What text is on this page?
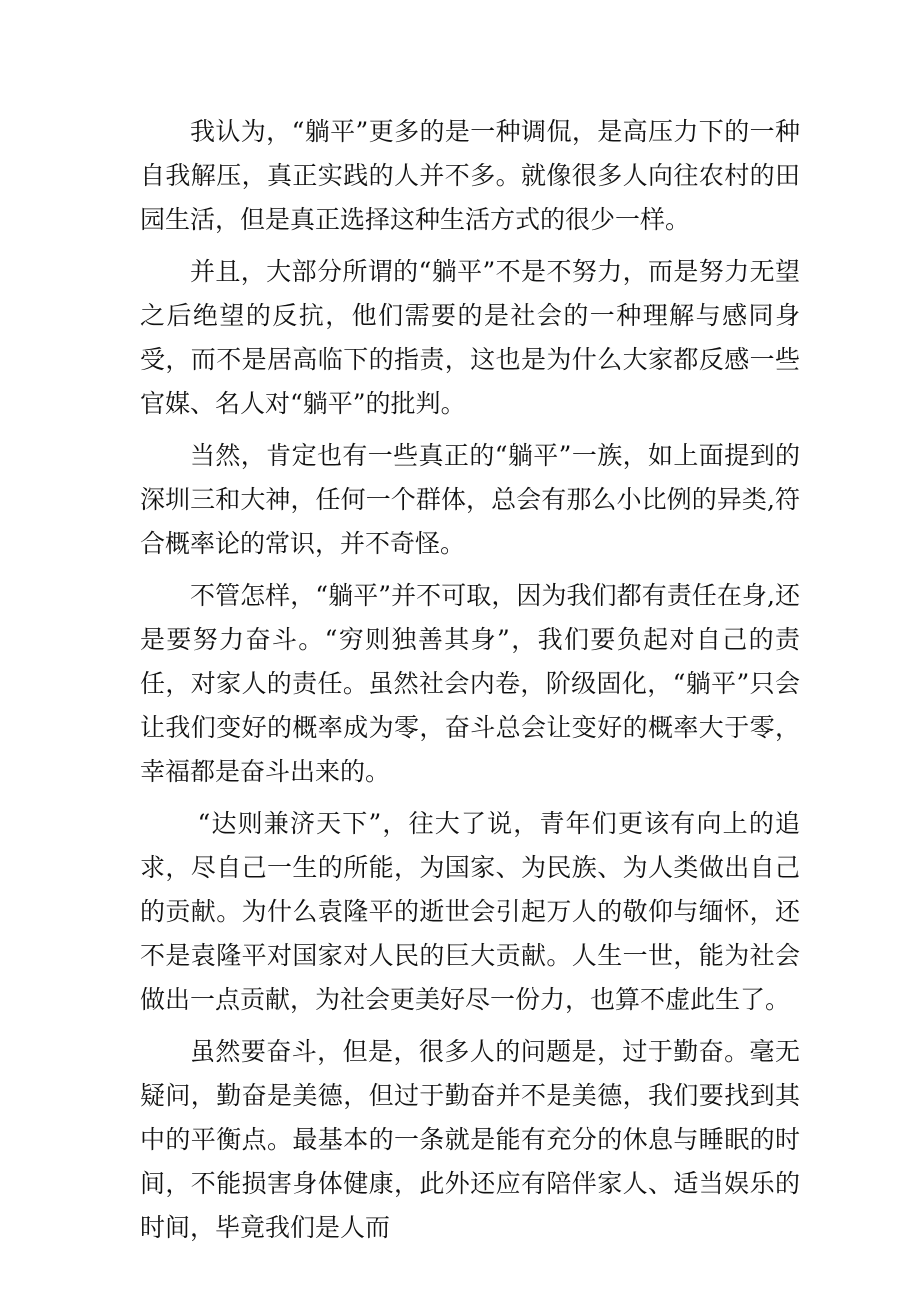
我认为，“躺平”更多的是一种调侃，是高压力下的一种自我解压，真正实践的人并不多。就像很多人向往农村的田园生活，但是真正选择这种生活方式的很少一样。

并且，大部分所谓的“躺平”不是不努力，而是努力无望之后绝望的反抗，他们需要的是社会的一种理解与感同身受，而不是居高临下的指责，这也是为什么大家都反感一些官媒、名人对“躺平”的批判。

当然，肯定也有一些真正的“躺平”一族，如上面提到的深圳三和大神，任何一个群体，总会有那么小比例的异类,符合概率论的常识，并不奇怪。

不管怎样，“躺平”并不可取，因为我们都有责任在身,还是要努力奋斗。“穷则独善其身”，我们要负起对自己的责任，对家人的责任。虽然社会内卷，阶级固化，“躺平”只会让我们变好的概率成为零，奋斗总会让变好的概率大于零，幸福都是奋斗出来的。

“达则兼济天下”，往大了说，青年们更该有向上的追求，尽自己一生的所能，为国家、为民族、为人类做出自己的贡献。为什么袁隆平的逝世会引起万人的敬仰与缅怀，还不是袁隆平对国家对人民的巨大贡献。人生一世，能为社会做出一点贡献，为社会更美好尽一份力，也算不虚此生了。

虽然要奋斗，但是，很多人的问题是，过于勤奋。毫无疑问，勤奋是美德，但过于勤奋并不是美德，我们要找到其中的平衡点。最基本的一条就是能有充分的休息与睡眠的时间，不能损害身体健康，此外还应有陪伴家人、适当娱乐的时间，毕竟我们是人而
